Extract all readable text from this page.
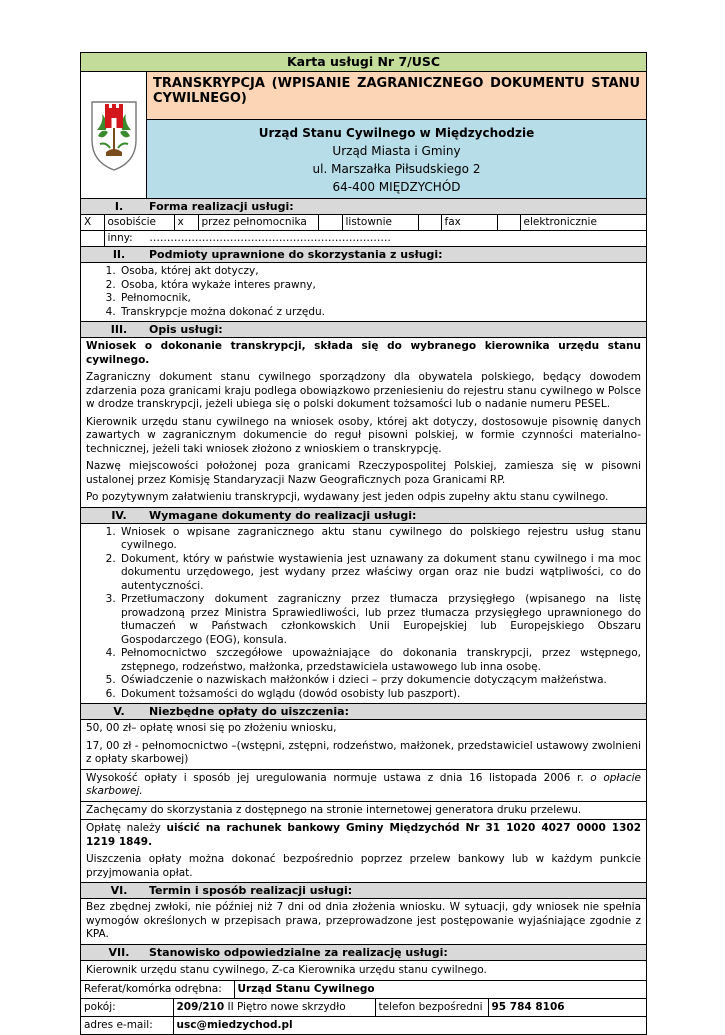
Karta usługi Nr 7/USC
	TRANSKRYPCJA (WPISANIE ZAGRANICZNEGO DOKUMENTU STANU CYWILNEGO)

Urząd Stanu Cywilnego w Międzychodzie
Urząd Miasta i Gminy
ul. Marszałka Piłsudskiego 2
64-400 MIĘDZYCHÓD

I. Forma realizacji usługi:

X	osobiście	x	przez pełnomocnika		listownie		fax		elektronicznie
	inny: ……………………………………………………………

II. Podmioty uprawnione do skorzystania z usługi:

1. Osoba, której akt dotyczy,
2. Osoba, która wykaże interes prawny,
3. Pełnomocnik,
4. Transkrypcje można dokonać z urzędu.

III. Opis usługi:

Wniosek o dokonanie transkrypcji, składa się do wybranego kierownika urzędu stanu cywilnego.

Zagraniczny dokument stanu cywilnego sporządzony dla obywatela polskiego, będący dowodem zdarzenia poza granicami kraju podlega obowiązkowo przeniesieniu do rejestru stanu cywilnego w Polsce w drodze transkrypcji, jeżeli ubiega się o polski dokument tożsamości lub o nadanie numeru PESEL.

Kierownik urzędu stanu cywilnego na wniosek osoby, której akt dotyczy, dostosowuje pisownię danych zawartych w zagranicznym dokumencie do reguł pisowni polskiej, w formie czynności materialno-technicznej, jeżeli taki wniosek złożono z wnioskiem o transkrypcję.

Nazwę miejscowości położonej poza granicami Rzeczypospolitej Polskiej, zamiesza się w pisowni ustalonej przez Komisję Standaryzacji Nazw Geograficznych poza Granicami RP.

Po pozytywnym załatwieniu transkrypcji, wydawany jest jeden odpis zupełny aktu stanu cywilnego.

IV. Wymagane dokumenty do realizacji usługi:

1. Wniosek o wpisane zagranicznego aktu stanu cywilnego do polskiego rejestru usług stanu cywilnego.
2. Dokument, który w państwie wystawienia jest uznawany za dokument stanu cywilnego i ma moc dokumentu urzędowego, jest wydany przez właściwy organ oraz nie budzi wątpliwości, co do autentyczności.
3. Przetłumaczony dokument zagraniczny przez tłumacza przysięgłego (wpisanego na listę prowadzoną przez Ministra Sprawiedliwości, lub przez tłumacza przysięgłego uprawnionego do tłumaczeń w Państwach członkowskich Unii Europejskiej lub Europejskiego Obszaru Gospodarczego (EOG), konsula.
4. Pełnomocnictwo szczegółowe upoważniające do dokonania transkrypcji, przez wstępnego, zstępnego, rodzeństwo, małżonka, przedstawiciela ustawowego lub inna osobę.
5. Oświadczenie o nazwiskach małżonków i dzieci – przy dokumencie dotyczącym małżeństwa.
6. Dokument tożsamości do wglądu (dowód osobisty lub paszport).

V. Niezbędne opłaty do uiszczenia:

50, 00 zł– opłatę wnosi się po złożeniu wniosku,

17, 00 zł - pełnomocnictwo –(wstępni, zstępni, rodzeństwo, małżonek, przedstawiciel ustawowy zwolnieni z opłaty skarbowej)

Wysokość opłaty i sposób jej uregulowania normuje ustawa z dnia 16 listopada 2006 r. o opłacie skarbowej.
Zachęcamy do skorzystania z dostępnego na stronie internetowej generatora druku przelewu.

Opłatę należy uiścić na rachunek bankowy Gminy Międzychód Nr 31 1020 4027 0000 1302 1219 1849.

Uiszczenia opłaty można dokonać bezpośrednio poprzez przelew bankowy lub w każdym punkcie przyjmowania opłat.

VI. Termin i sposób realizacji usługi:
Bez zbędnej zwłoki, nie później niż 7 dni od dnia złożenia wniosku. W sytuacji, gdy wniosek nie spełnia wymogów określonych w przepisach prawa, przeprowadzone jest postępowanie wyjaśniające zgodnie z KPA.
VII. Stanowisko odpowiedzialne za realizację usługi:
Kierownik urzędu stanu cywilnego, Z-ca Kierownika urzędu stanu cywilnego.

Referat/komórka odrębna:	Urząd Stanu Cywilnego
pokój:	209/210 II Piętro nowe skrzydło	telefon bezpośredni	95 784 8106
adres e-mail:	usc@miedzychod.pl
